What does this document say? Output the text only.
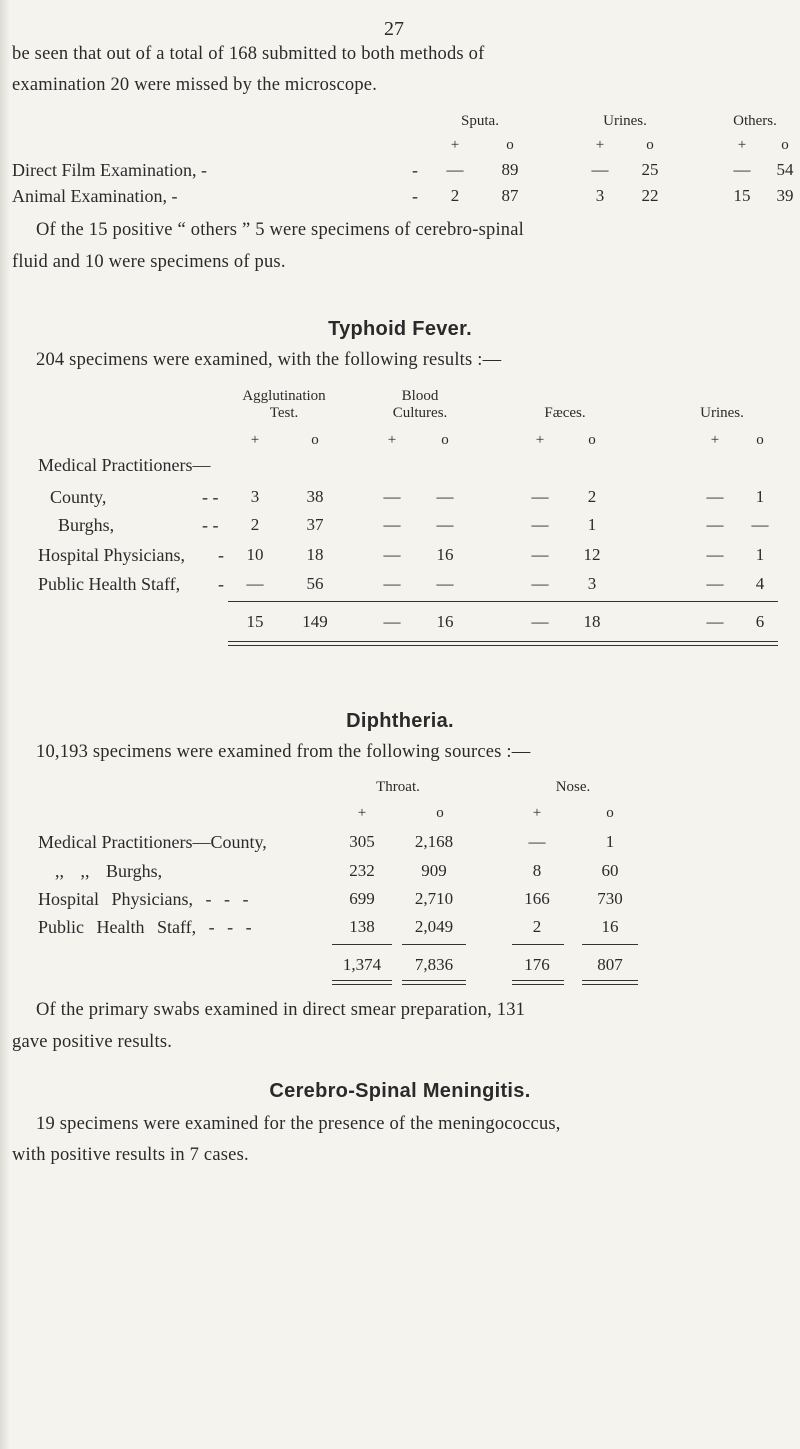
27
be seen that out of a total of 168 submitted to both methods of
examination 20 were missed by the microscope.
Sputa.	Urines.	Others.
+	o	+	o	+ o
Direct Film Examination, -	- — 89	— 25	— 54
Animal Examination, -	- 2 87	3 22	15 39
Of the 15 positive “ others ” 5 were specimens of cerebro-spinal
fluid and 10 were specimens of pus.
Typhoid Fever.
204 specimens were examined, with the following results :—
Agglutination
Test.
Blood
Cultures.	Fæces.	Urines.
+	o	+	o	+	o	+ o
Medical Practitioners—
County,	- - 3	38	— —	— 2	— 1
Burghs,	- - 2	37	— —	— 1	— —
Hospital Physicians, - 10	18	— 16	— 12	— 1
Public Health Staff, - —	56	— —	— 3	— 4
15 149	— 16	— 18	— 6
Diphtheria.
10,193 specimens were examined from the following sources :—
Throat.	Nose.
+	o	+	o
Medical Practitioners—County,	305 2,168	—	1
,, ,, Burghs,	232	909	8	60
Hospital Physicians, - - -	699 2,710	166	730
Public Health Staff, - - -	138 2,049	2	16
1,374 7,836	176	807
Of the primary swabs examined in direct smear preparation, 131
gave positive results.
Cerebro-Spinal Meningitis.
19 specimens were examined for the presence of the meningococcus,
with positive results in 7 cases.
